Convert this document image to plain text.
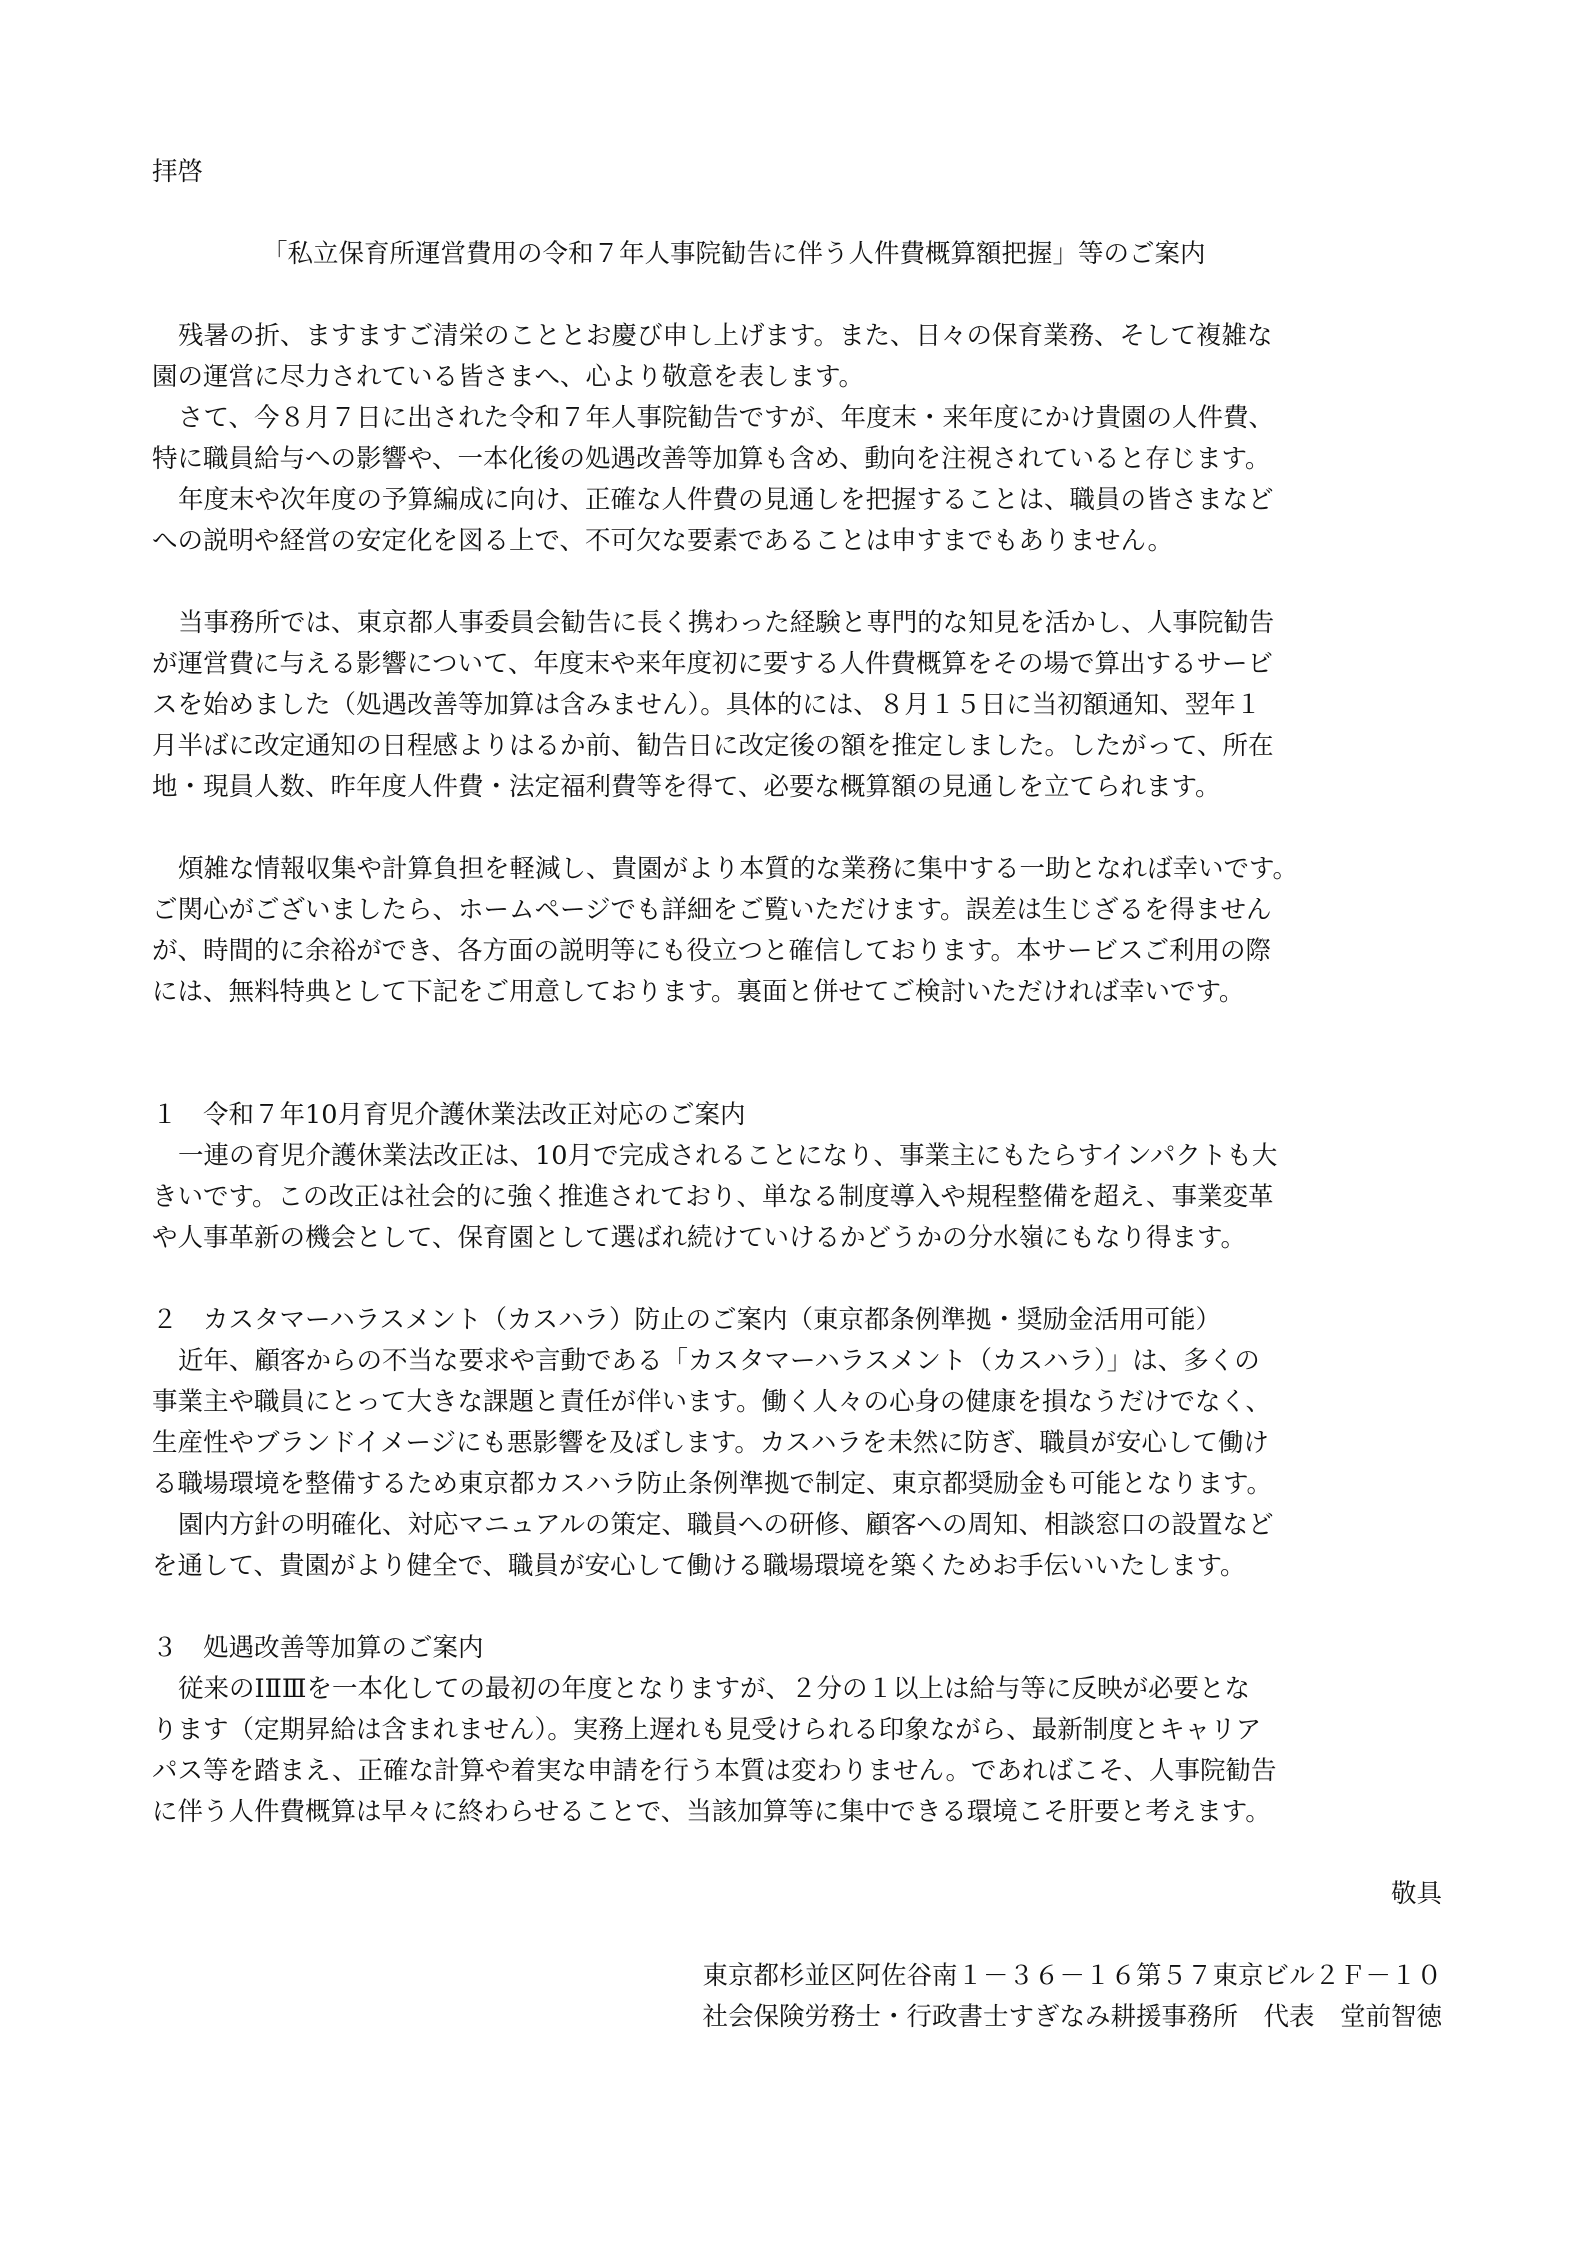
拝啓

「私立保育所運営費用の令和７年人事院勧告に伴う人件費概算額把握」等のご案内

残暑の折、ますますご清栄のこととお慶び申し上げます。また、日々の保育業務、そして複雑な

園の運営に尽力されている皆さまへ、心より敬意を表します。

さて、今８月７日に出された令和７年人事院勧告ですが、年度末・来年度にかけ貴園の人件費、

特に職員給与への影響や、一本化後の処遇改善等加算も含め、動向を注視されていると存じます。

年度末や次年度の予算編成に向け、正確な人件費の見通しを把握することは、職員の皆さまなど

への説明や経営の安定化を図る上で、不可欠な要素であることは申すまでもありません。

当事務所では、東京都人事委員会勧告に長く携わった経験と専門的な知見を活かし、人事院勧告

が運営費に与える影響について、年度末や来年度初に要する人件費概算をその場で算出するサービ

スを始めました（処遇改善等加算は含みません）。具体的には、８月１５日に当初額通知、翌年１

月半ばに改定通知の日程感よりはるか前、勧告日に改定後の額を推定しました。したがって、所在

地・現員人数、昨年度人件費・法定福利費等を得て、必要な概算額の見通しを立てられます。

煩雑な情報収集や計算負担を軽減し、貴園がより本質的な業務に集中する一助となれば幸いです。

ご関心がございましたら、ホームページでも詳細をご覧いただけます。誤差は生じざるを得ません

が、時間的に余裕ができ、各方面の説明等にも役立つと確信しております。本サービスご利用の際

には、無料特典として下記をご用意しております。裏面と併せてご検討いただければ幸いです。

１　令和７年10月育児介護休業法改正対応のご案内

一連の育児介護休業法改正は、10月で完成されることになり、事業主にもたらすインパクトも大

きいです。この改正は社会的に強く推進されており、単なる制度導入や規程整備を超え、事業変革

や人事革新の機会として、保育園として選ばれ続けていけるかどうかの分水嶺にもなり得ます。

２　カスタマーハラスメント（カスハラ）防止のご案内（東京都条例準拠・奨励金活用可能）

近年、顧客からの不当な要求や言動である「カスタマーハラスメント（カスハラ）」は、多くの

事業主や職員にとって大きな課題と責任が伴います。働く人々の心身の健康を損なうだけでなく、

生産性やブランドイメージにも悪影響を及ぼします。カスハラを未然に防ぎ、職員が安心して働け

る職場環境を整備するため東京都カスハラ防止条例準拠で制定、東京都奨励金も可能となります。

園内方針の明確化、対応マニュアルの策定、職員への研修、顧客への周知、相談窓口の設置など

を通して、貴園がより健全で、職員が安心して働ける職場環境を築くためお手伝いいたします。

３　処遇改善等加算のご案内

従来のⅠⅡⅢを一本化しての最初の年度となりますが、２分の１以上は給与等に反映が必要とな

ります（定期昇給は含まれません）。実務上遅れも見受けられる印象ながら、最新制度とキャリア

パス等を踏まえ、正確な計算や着実な申請を行う本質は変わりません。であればこそ、人事院勧告

に伴う人件費概算は早々に終わらせることで、当該加算等に集中できる環境こそ肝要と考えます。

敬具

東京都杉並区阿佐谷南１－３６－１６第５７東京ビル２Ｆ－１０

社会保険労務士・行政書士すぎなみ耕援事務所　代表　堂前智徳
